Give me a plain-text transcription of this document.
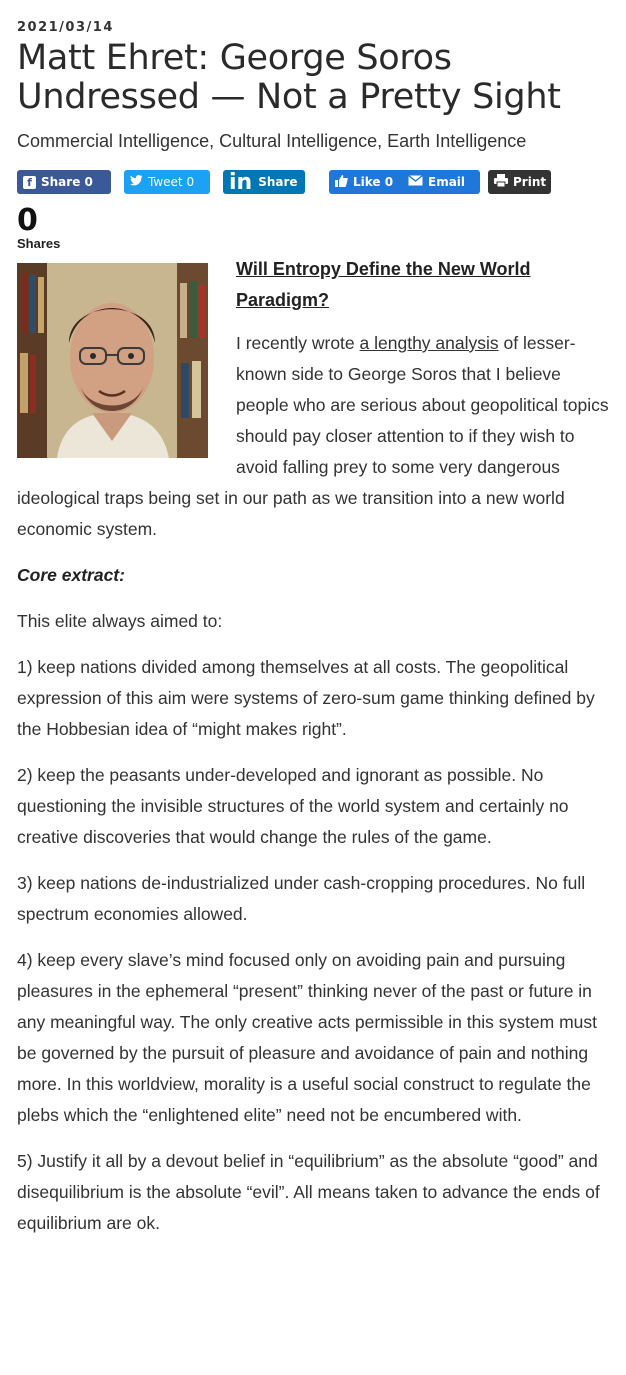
2021/03/14
Matt Ehret: George Soros Undressed — Not a Pretty Sight
Commercial Intelligence, Cultural Intelligence, Earth Intelligence
f Share 0	Tweet 0 in Share	Like 0	Email	Print
0
Shares
Will Entropy Define the New World Paradigm?

I recently wrote a lengthy analysis of lesser-known side to George Soros that I believe people who are serious about geopolitical topics should pay closer attention to if they wish to avoid falling prey to some very dangerous ideological traps being set in our path as we transition into a new world economic system.

Core extract:

This elite always aimed to:

1) keep nations divided among themselves at all costs. The geopolitical expression of this aim were systems of zero-sum game thinking defined by the Hobbesian idea of “might makes right”.

2) keep the peasants under-developed and ignorant as possible. No questioning the invisible structures of the world system and certainly no creative discoveries that would change the rules of the game.

3) keep nations de-industrialized under cash-cropping procedures. No full spectrum economies allowed.

4) keep every slave’s mind focused only on avoiding pain and pursuing pleasures in the ephemeral “present” thinking never of the past or future in any meaningful way. The only creative acts permissible in this system must be governed by the pursuit of pleasure and avoidance of pain and nothing more. In this worldview, morality is a useful social construct to regulate the plebs which the “enlightened elite” need not be encumbered with.

5) Justify it all by a devout belief in “equilibrium” as the absolute “good” and disequilibrium is the absolute “evil”. All means taken to advance the ends of equilibrium are ok.
